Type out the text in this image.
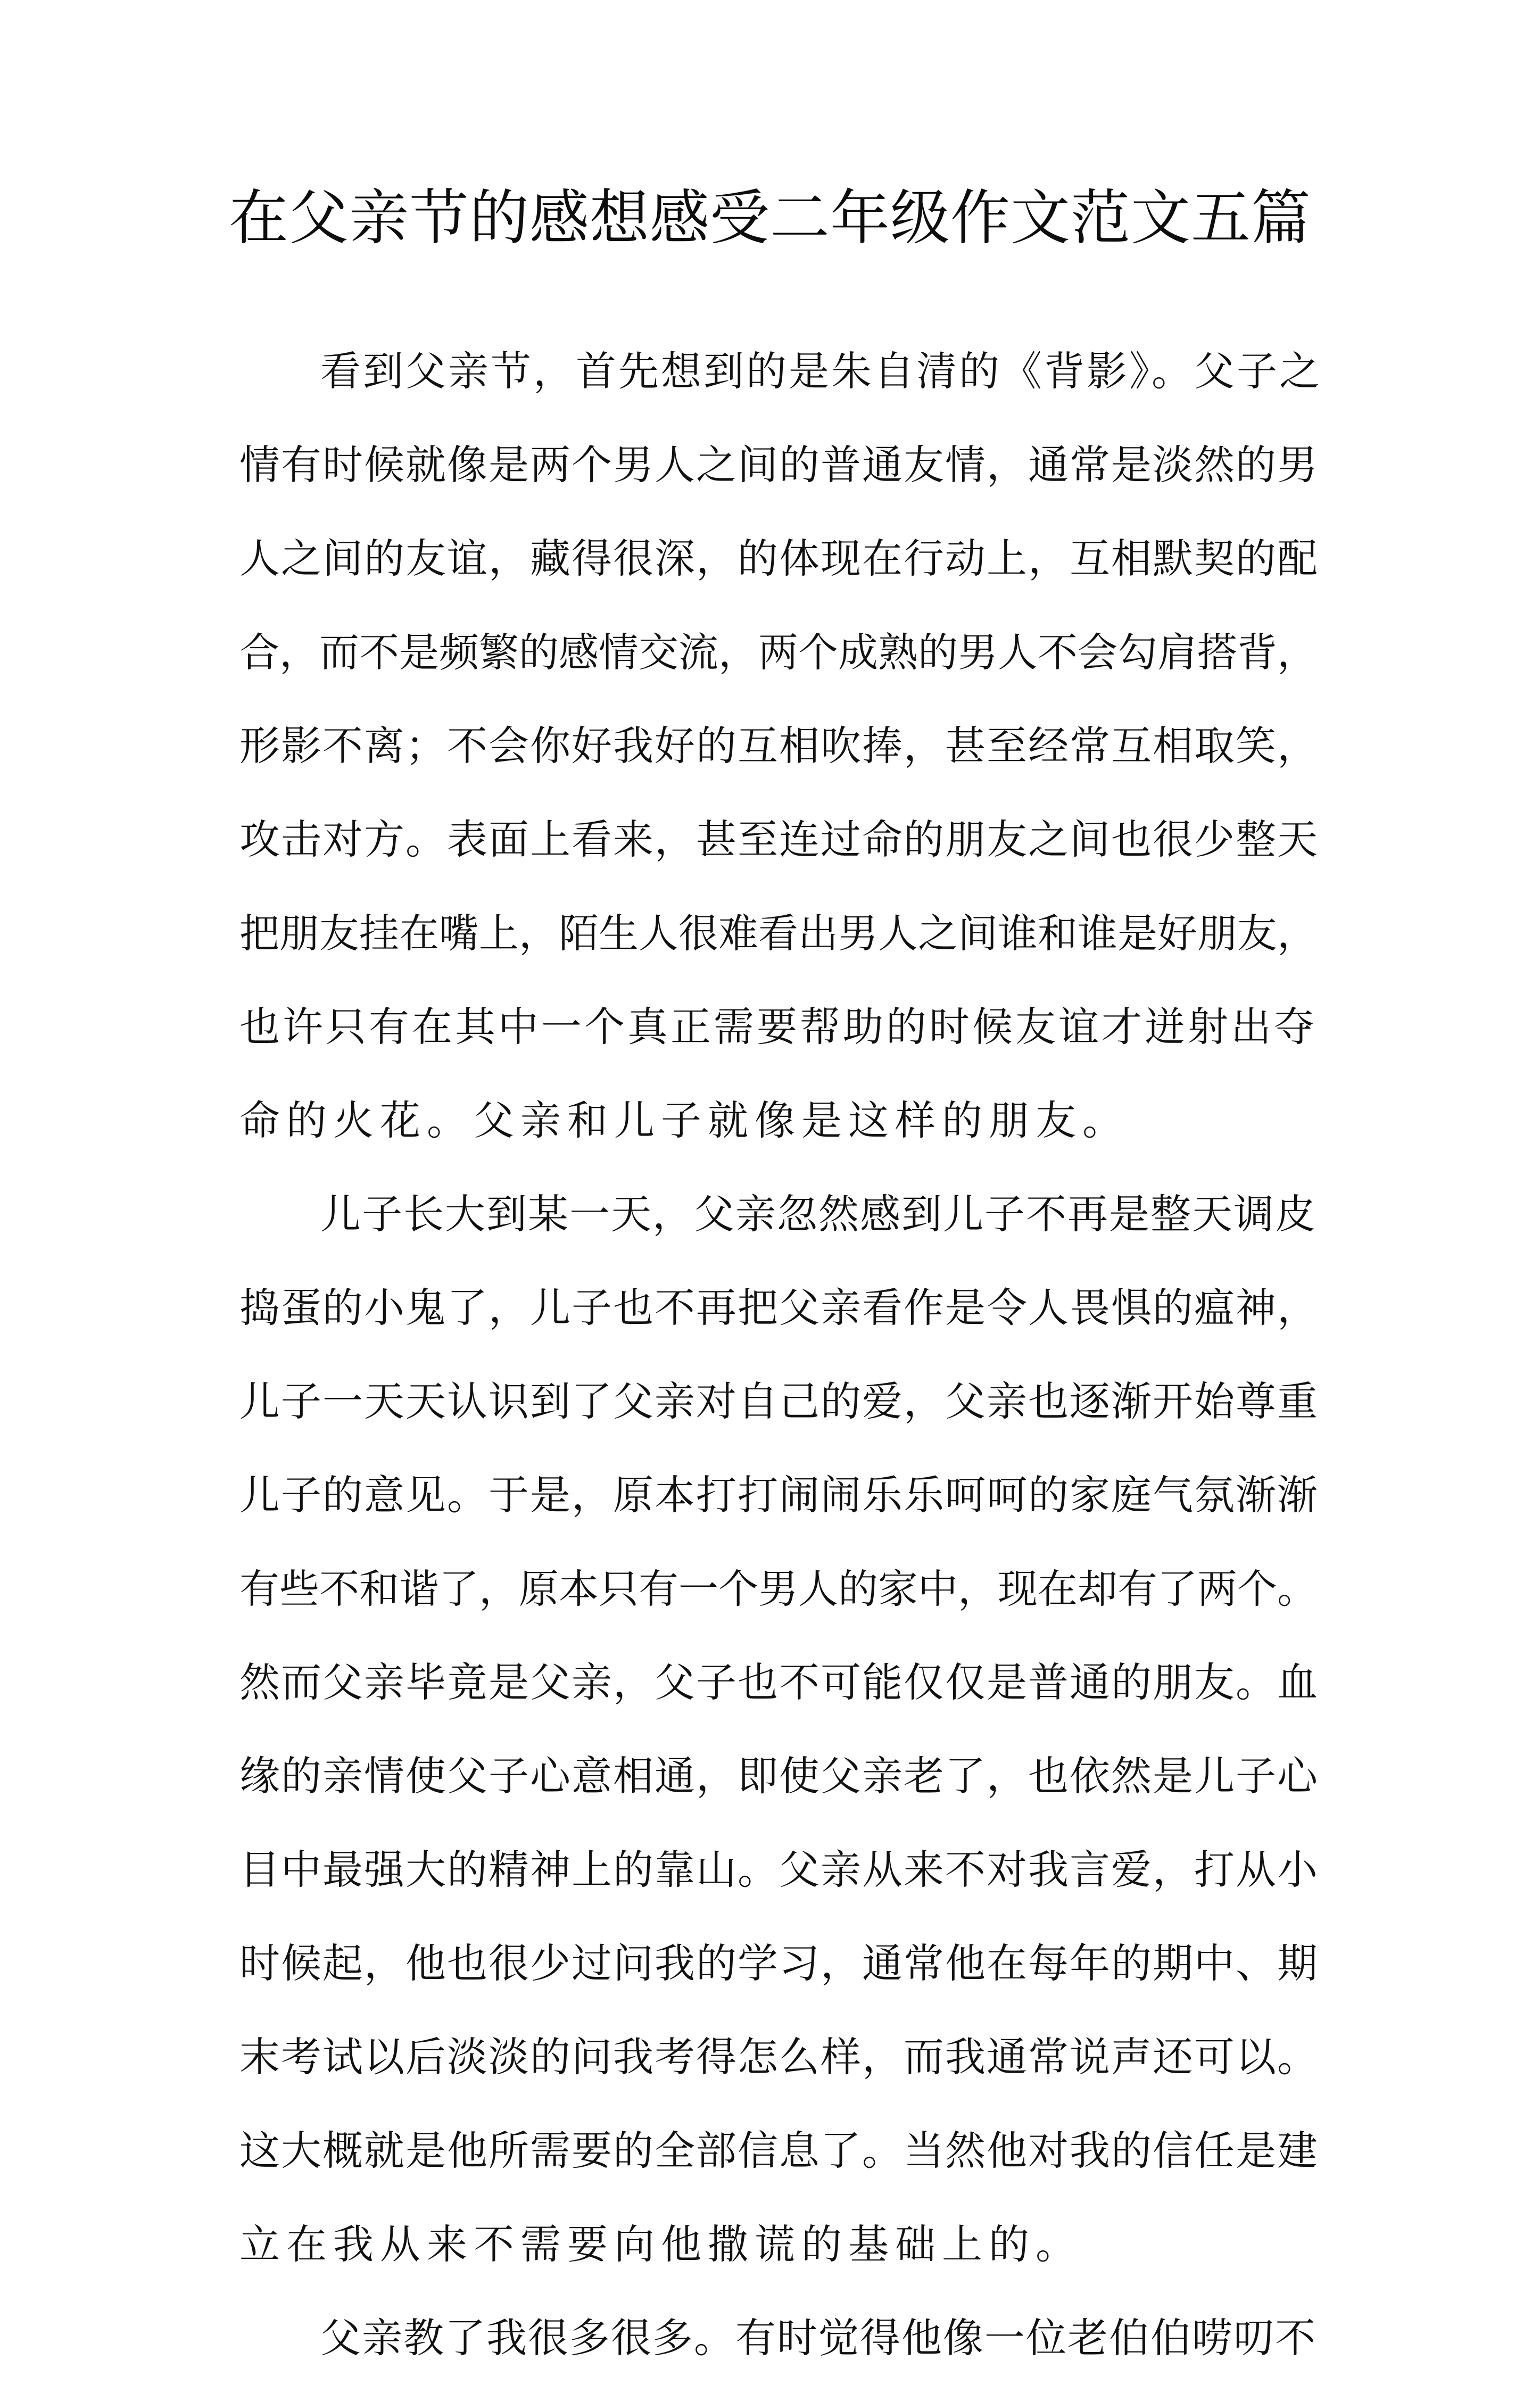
在父亲节的感想感受二年级作文范文五篇
看到父亲节，首先想到的是朱自清的《背影》。父子之
情有时候就像是两个男人之间的普通友情，通常是淡然的男
人之间的友谊，藏得很深，的体现在行动上，互相默契的配
合，而不是频繁的感情交流，两个成熟的男人不会勾肩搭背，
形影不离；不会你好我好的互相吹捧，甚至经常互相取笑，
攻击对方。表面上看来，甚至连过命的朋友之间也很少整天
把朋友挂在嘴上，陌生人很难看出男人之间谁和谁是好朋友，
也许只有在其中一个真正需要帮助的时候友谊才迸射出夺
命的火花。父亲和儿子就像是这样的朋友。
儿子长大到某一天，父亲忽然感到儿子不再是整天调皮
捣蛋的小鬼了，儿子也不再把父亲看作是令人畏惧的瘟神，
儿子一天天认识到了父亲对自己的爱，父亲也逐渐开始尊重
儿子的意见。于是，原本打打闹闹乐乐呵呵的家庭气氛渐渐
有些不和谐了，原本只有一个男人的家中，现在却有了两个。
然而父亲毕竟是父亲，父子也不可能仅仅是普通的朋友。血
缘的亲情使父子心意相通，即使父亲老了，也依然是儿子心
目中最强大的精神上的靠山。父亲从来不对我言爱，打从小
时候起，他也很少过问我的学习，通常他在每年的期中、期
末考试以后淡淡的问我考得怎么样，而我通常说声还可以。
这大概就是他所需要的全部信息了。当然他对我的信任是建
立在我从来不需要向他撒谎的基础上的。
父亲教了我很多很多。有时觉得他像一位老伯伯唠叨不
